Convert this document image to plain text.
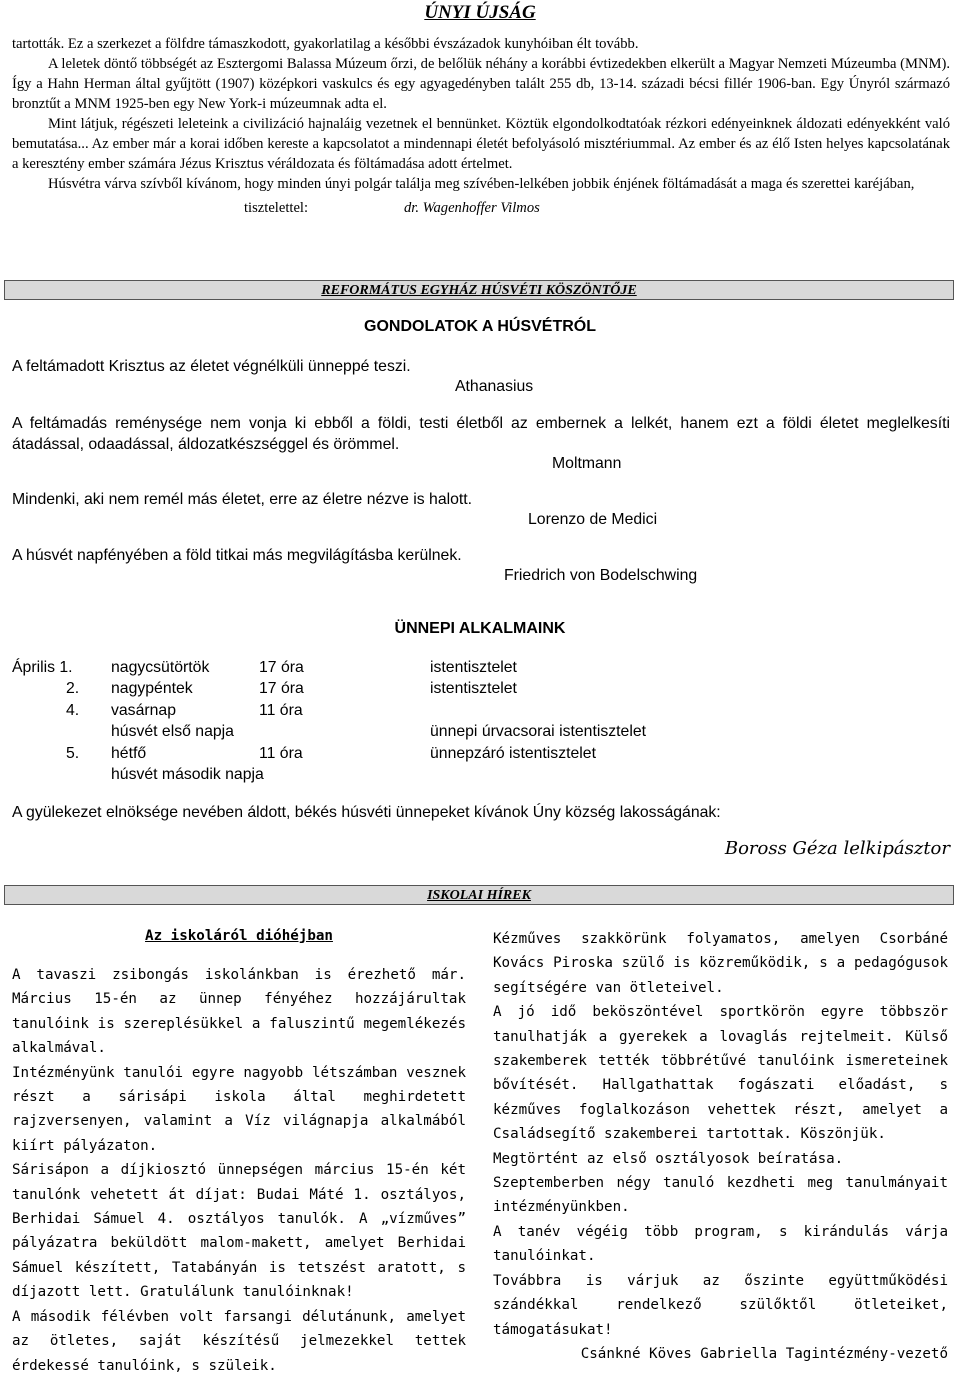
ÚNYI ÚJSÁG

tartották. Ez a szerkezet a fölfdre támaszkodott, gyakorlatilag a későbbi évszázadok kunyhóiban élt tovább.

A leletek döntő többségét az Esztergomi Balassa Múzeum őrzi, de belőlük néhány a korábbi évtizedekben elkerült a Magyar Nemzeti Múzeumba (MNM). Így a Hahn Herman által gyűjtött (1907) középkori vaskulcs és egy agyagedényben talált 255 db, 13-14. századi bécsi fillér 1906-ban. Egy Únyról származó bronztűt a MNM 1925-ben egy New York-i múzeumnak adta el.

Mint látjuk, régészeti leleteink a civilizáció hajnaláig vezetnek el bennünket. Köztük elgondolkodtatóak rézkori edényeinknek áldozati edényekként való bemutatása... Az ember már a korai időben kereste a kapcsolatot a mindennapi életét befolyásoló misztériummal. Az ember és az élő Isten helyes kapcsolatának a keresztény ember számára Jézus Krisztus véráldozata és föltámadása adott értelmet.

Húsvétra várva szívből kívánom, hogy minden únyi polgár találja meg szívében-lelkében jobbik énjének föltámadását a maga és szerettei karéjában,

tisztelettel:	dr. Wagenhoffer Vilmos

REFORMÁTUS EGYHÁZ HÚSVÉTI KÖSZÖNTŐJE
GONDOLATOK A HÚSVÉTRÓL
A feltámadott Krisztus az életet végnélküli ünneppé teszi.
Athanasius
A feltámadás reménysége nem vonja ki ebből a földi, testi életből az embernek a lelkét, hanem ezt a földi életet meglelkesíti átadással, odaadással, áldozatkészséggel és örömmel.
Moltmann
Mindenki, aki nem remél más életet, erre az életre nézve is halott.
Lorenzo de Medici
A húsvét napfényében a föld titkai más megvilágításba kerülnek.
Friedrich von Bodelschwing
ÜNNEPI ALKALMAINK
Április 1. nagycsütörtök	17 óra	istentisztelet
2. nagypéntek	17 óra	istentisztelet
4. vasárnap	11 óra
húsvét első napja	ünnepi úrvacsorai istentisztelet
5. hétfő	11 óra	ünnepzáró istentisztelet
húsvét második napja
A gyülekezet elnöksége nevében áldott, békés húsvéti ünnepeket kívánok Úny község lakosságának:
Boross Géza lelkipásztor
ISKOLAI HÍREK
Az iskoláról dióhéjban

A tavaszi zsibongás iskolánkban is érezhető már. Március 15-én az ünnep fényéhez hozzájárultak tanulóink is szereplésükkel a faluszintű megemlékezés alkalmával.

Intézményünk tanulói egyre nagyobb létszámban vesznek részt a sárisápi iskola által meghirdetett rajzversenyen, valamint a Víz világnapja alkalmából kiírt pályázaton.

Sárisápon a díjkiosztó ünnepségen március 15-én két tanulónk vehetett át díjat: Budai Máté 1. osztályos, Berhidai Sámuel 4. osztályos tanulók. A „vízműves” pályázatra beküldött malom-makett, amelyet Berhidai Sámuel készített, Tatabányán is tetszést aratott, s díjazott lett. Gratulálunk tanulóinknak!

A második félévben volt farsangi délutánunk, amelyet az ötletes, saját készítésű jelmezekkel tettek érdekessé tanulóink, s szüleik.

Kézműves szakkörünk folyamatos, amelyen Csorbáné Kovács Piroska szülő is közreműködik, s a pedagógusok segítségére van ötleteivel.

A jó idő beköszöntével sportkörön egyre többször tanulhatják a gyerekek a lovaglás rejtelmeit. Külső szakemberek tették többrétűvé tanulóink ismereteinek bővítését. Hallgathattak fogászati előadást, s kézműves foglalkozáson vehettek részt, amelyet a Családsegítő szakemberei tartottak. Köszönjük.

Megtörtént az első osztályosok beíratása.

Szeptemberben négy tanuló kezdheti meg tanulmányait intézményünkben.

A tanév végéig több program, s kirándulás várja tanulóinkat.

Továbbra is várjuk az őszinte együttműködési szándékkal rendelkező szülőktől ötleteiket, támogatásukat!

Csánkné Köves Gabriella Tagintézmény-vezető
